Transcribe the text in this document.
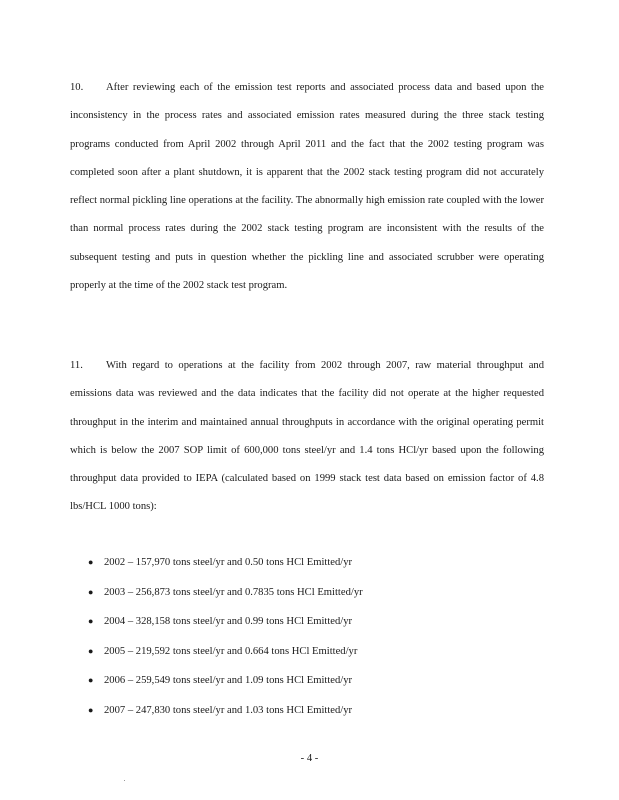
10. After reviewing each of the emission test reports and associated process data and based upon the inconsistency in the process rates and associated emission rates measured during the three stack testing programs conducted from April 2002 through April 2011 and the fact that the 2002 testing program was completed soon after a plant shutdown, it is apparent that the 2002 stack testing program did not accurately reflect normal pickling line operations at the facility. The abnormally high emission rate coupled with the lower than normal process rates during the 2002 stack testing program are inconsistent with the results of the subsequent testing and puts in question whether the pickling line and associated scrubber were operating properly at the time of the 2002 stack test program.

11. With regard to operations at the facility from 2002 through 2007, raw material throughput and emissions data was reviewed and the data indicates that the facility did not operate at the higher requested throughput in the interim and maintained annual throughputs in accordance with the original operating permit which is below the 2007 SOP limit of 600,000 tons steel/yr and 1.4 tons HCl/yr based upon the following throughput data provided to IEPA (calculated based on 1999 stack test data based on emission factor of 4.8 lbs/HCL 1000 tons):

● 2002 – 157,970 tons steel/yr and 0.50 tons HCl Emitted/yr
● 2003 – 256,873 tons steel/yr and 0.7835 tons HCl Emitted/yr
● 2004 – 328,158 tons steel/yr and 0.99 tons HCl Emitted/yr
● 2005 – 219,592 tons steel/yr and 0.664 tons HCl Emitted/yr
● 2006 – 259,549 tons steel/yr and 1.09 tons HCl Emitted/yr
● 2007 – 247,830 tons steel/yr and 1.03 tons HCl Emitted/yr
- 4 -
